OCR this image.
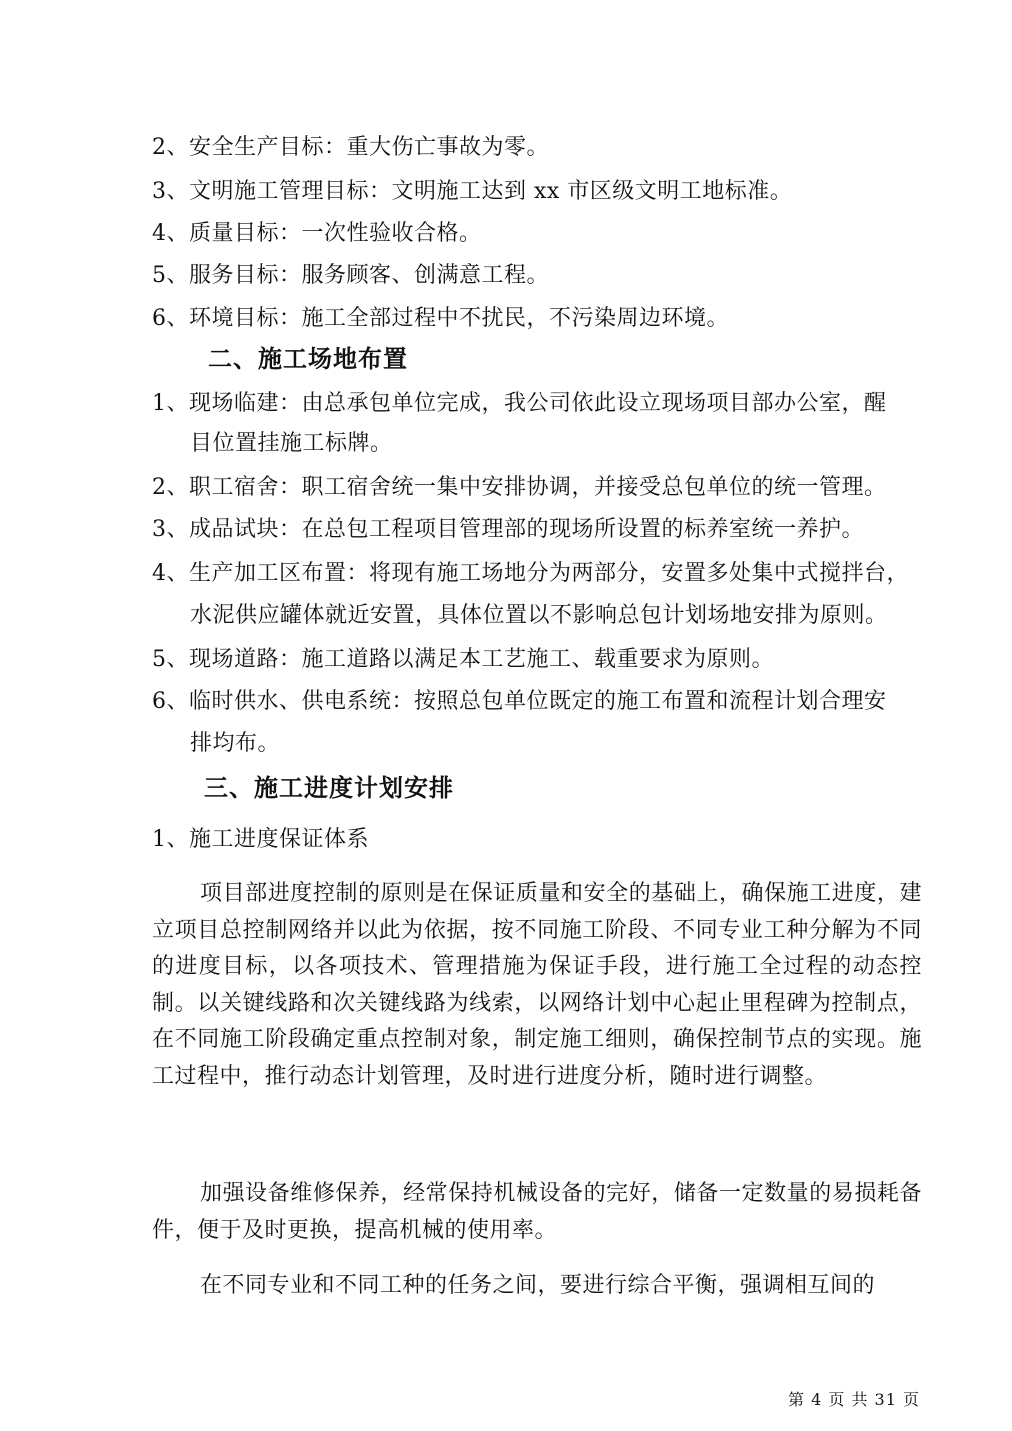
2、安全生产目标：重大伤亡事故为零。
3、文明施工管理目标：文明施工达到 xx 市区级文明工地标准。
4、质量目标：一次性验收合格。
5、服务目标：服务顾客、创满意工程。
6、环境目标：施工全部过程中不扰民，不污染周边环境。
二、施工场地布置
1、现场临建：由总承包单位完成，我公司依此设立现场项目部办公室，醒
目位置挂施工标牌。
2、职工宿舍：职工宿舍统一集中安排协调，并接受总包单位的统一管理。
3、成品试块：在总包工程项目管理部的现场所设置的标养室统一养护。
4、生产加工区布置：将现有施工场地分为两部分，安置多处集中式搅拌台，
水泥供应罐体就近安置，具体位置以不影响总包计划场地安排为原则。
5、现场道路：施工道路以满足本工艺施工、载重要求为原则。
6、临时供水、供电系统：按照总包单位既定的施工布置和流程计划合理安
排均布。
三、施工进度计划安排
1、施工进度保证体系
项目部进度控制的原则是在保证质量和安全的基础上，确保施工进度，建立项目总控制网络并以此为依据，按不同施工阶段、不同专业工种分解为不同的进度目标，以各项技术、管理措施为保证手段，进行施工全过程的动态控制。以关键线路和次关键线路为线索，以网络计划中心起止里程碑为控制点，在不同施工阶段确定重点控制对象，制定施工细则，确保控制节点的实现。施工过程中，推行动态计划管理，及时进行进度分析，随时进行调整。
加强设备维修保养，经常保持机械设备的完好，储备一定数量的易损耗备件，便于及时更换，提高机械的使用率。
在不同专业和不同工种的任务之间，要进行综合平衡，强调相互间的
第 4 页 共 31 页
